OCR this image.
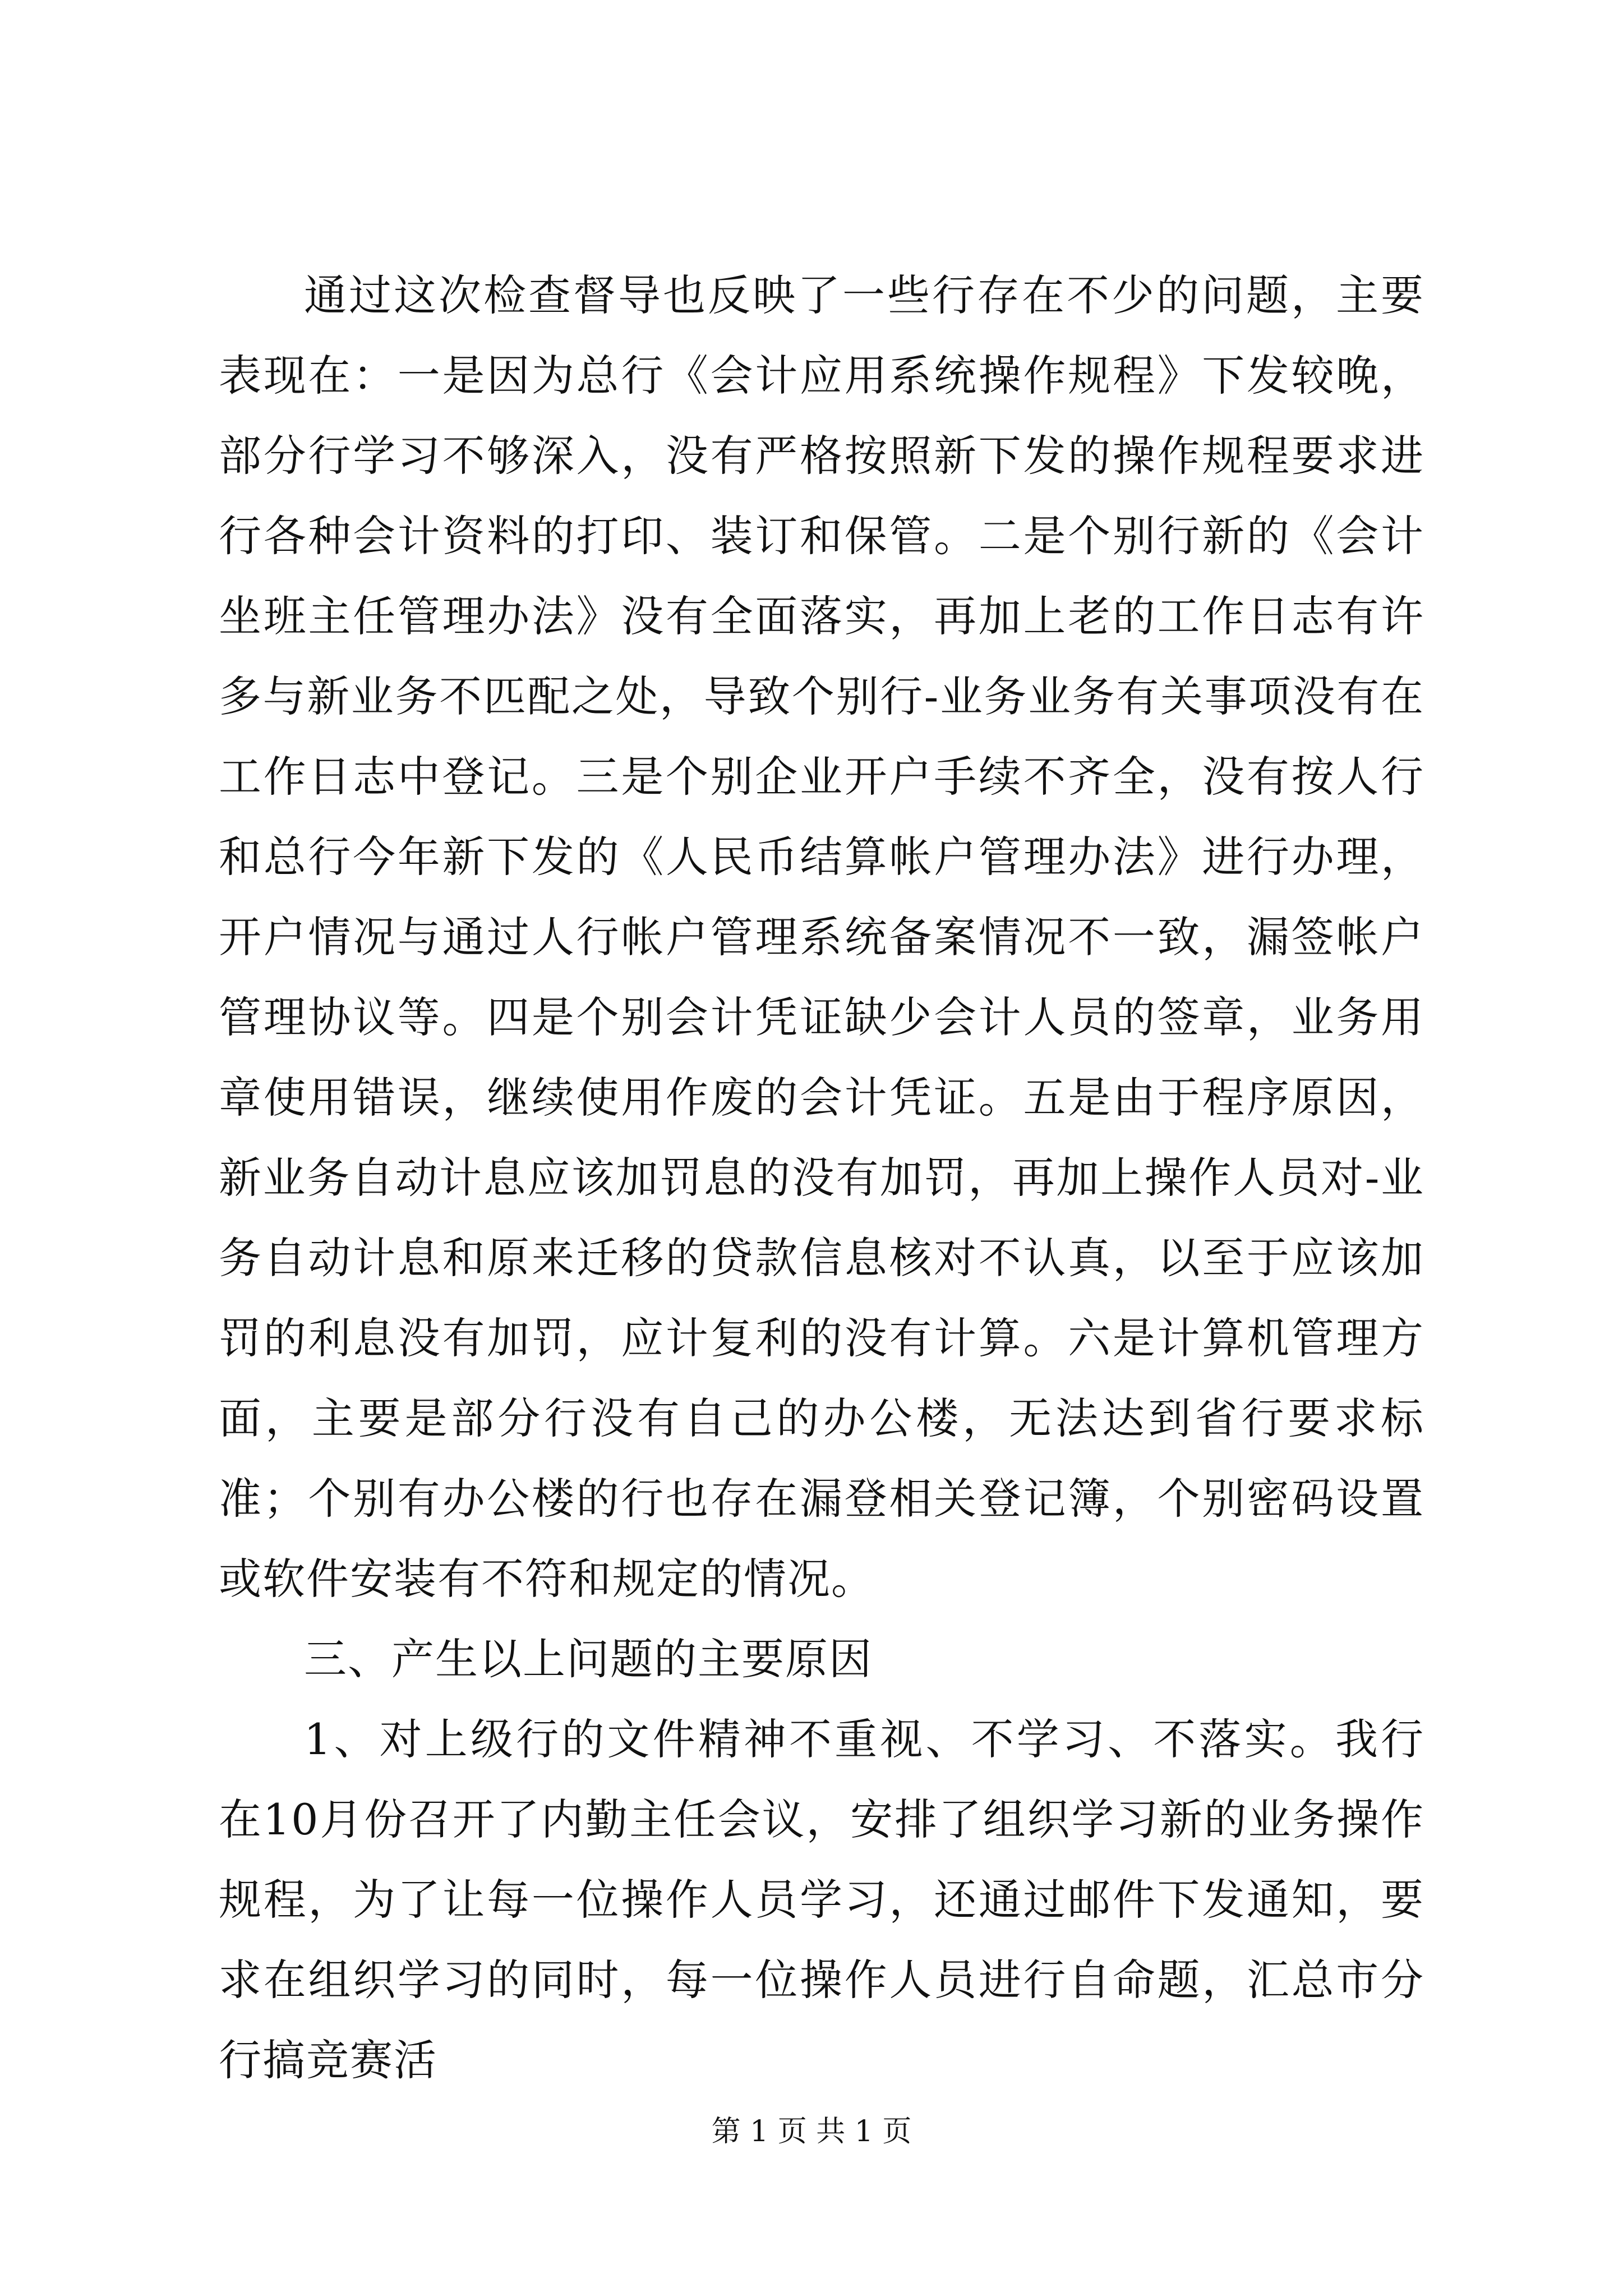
通过这次检查督导也反映了一些行存在不少的问题，主要表现在：一是因为总行《会计应用系统操作规程》下发较晚，部分行学习不够深入，没有严格按照新下发的操作规程要求进行各种会计资料的打印、装订和保管。二是个别行新的《会计坐班主任管理办法》没有全面落实，再加上老的工作日志有许多与新业务不匹配之处，导致个别行-业务业务有关事项没有在工作日志中登记。三是个别企业开户手续不齐全，没有按人行和总行今年新下发的《人民币结算帐户管理办法》进行办理，开户情况与通过人行帐户管理系统备案情况不一致，漏签帐户管理协议等。四是个别会计凭证缺少会计人员的签章，业务用章使用错误，继续使用作废的会计凭证。五是由于程序原因，新业务自动计息应该加罚息的没有加罚，再加上操作人员对-业务自动计息和原来迁移的贷款信息核对不认真，以至于应该加罚的利息没有加罚，应计复利的没有计算。六是计算机管理方面，主要是部分行没有自己的办公楼，无法达到省行要求标准；个别有办公楼的行也存在漏登相关登记簿，个别密码设置或软件安装有不符和规定的情况。

三、产生以上问题的主要原因

1、对上级行的文件精神不重视、不学习、不落实。我行在10月份召开了内勤主任会议，安排了组织学习新的业务操作规程，为了让每一位操作人员学习，还通过邮件下发通知，要求在组织学习的同时，每一位操作人员进行自命题，汇总市分行搞竞赛活

第 1 页 共 1 页
